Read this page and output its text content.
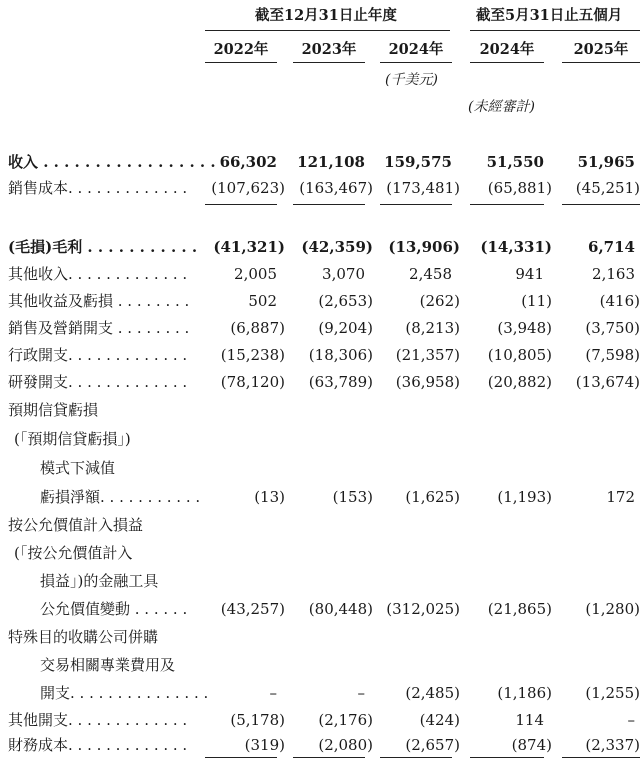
截至12月31日止年度	截至5月31日止五個月
2022年	2023年	2024年	2024年	2025年
(千美元)
(未經審計)
收入 . . . . . . . . . . . . . . . . . 66,302	121,108	159,575	51,550	51,965
銷售成本. . . . . . . . . . . . .	(107,623) (163,467) (173,481)	(65,881)	(45,251)
(毛損)毛利 . . . . . . . . . . .	(41,321)	(42,359)	(13,906)	(14,331)	6,714
其他收入. . . . . . . . . . . . .	2,005	3,070	2,458	941	2,163
其他收益及虧損 . . . . . . . .	502	(2,653)	(262)	(11)	(416)
銷售及營銷開支 . . . . . . . .	(6,887)	(9,204)	(8,213)	(3,948)	(3,750)
行政開支. . . . . . . . . . . . .	(15,238)	(18,306)	(21,357)	(10,805)	(7,598)
研發開支. . . . . . . . . . . . .	(78,120)	(63,789)	(36,958)	(20,882)	(13,674)
預期信貸虧損
(「預期信貸虧損」)
模式下減值
虧損淨額. . . . . . . . . . .	(13)	(153)	(1,625)	(1,193)	172
按公允價值計入損益
(「按公允價值計入
損益」)的金融工具
公允價值變動 . . . . . .	(43,257)	(80,448) (312,025)	(21,865)	(1,280)
特殊目的收購公司併購
交易相關專業費用及
開支. . . . . . . . . . . . . . .	–	–	(2,485)	(1,186)	(1,255)
其他開支. . . . . . . . . . . . .	(5,178)	(2,176)	(424)	114	–
財務成本. . . . . . . . . . . . .	(319)	(2,080)	(2,657)	(874)	(2,337)
